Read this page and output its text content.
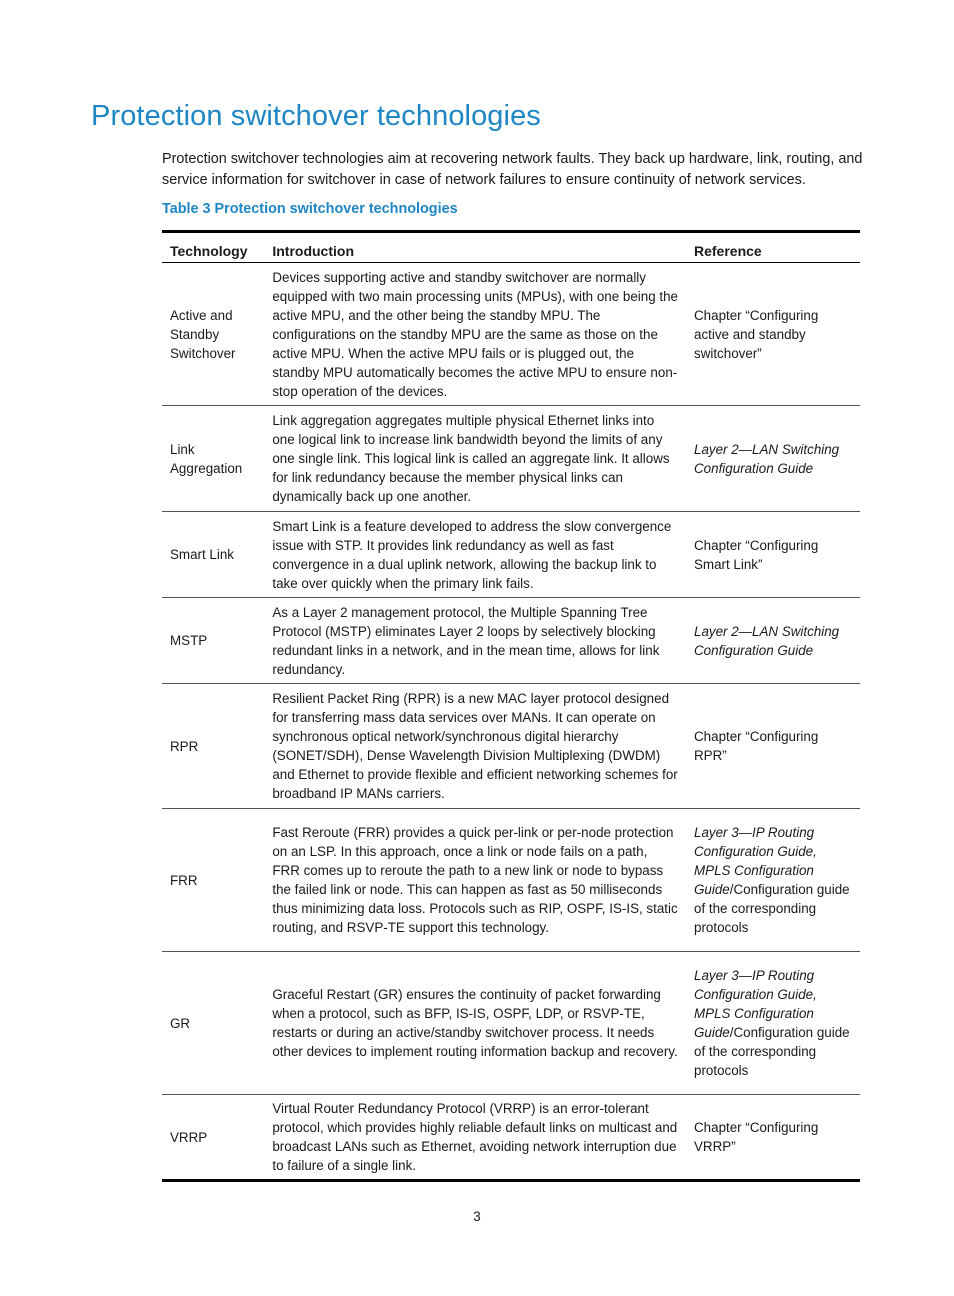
Protection switchover technologies

Protection switchover technologies aim at recovering network faults. They back up hardware, link, routing, and service information for switchover in case of network failures to ensure continuity of network services.

Table 3 Protection switchover technologies

Technology	Introduction	Reference
Active and Standby Switchover	Devices supporting active and standby switchover are normally equipped with two main processing units (MPUs), with one being the active MPU, and the other being the standby MPU. The configurations on the standby MPU are the same as those on the active MPU. When the active MPU fails or is plugged out, the standby MPU automatically becomes the active MPU to ensure non-stop operation of the devices.	Chapter “Configuring active and standby switchover”
Link Aggregation	Link aggregation aggregates multiple physical Ethernet links into one logical link to increase link bandwidth beyond the limits of any one single link. This logical link is called an aggregate link. It allows for link redundancy because the member physical links can dynamically back up one another.	Layer 2—LAN Switching Configuration Guide
Smart Link	Smart Link is a feature developed to address the slow convergence issue with STP. It provides link redundancy as well as fast convergence in a dual uplink network, allowing the backup link to take over quickly when the primary link fails.	Chapter “Configuring Smart Link”
MSTP	As a Layer 2 management protocol, the Multiple Spanning Tree Protocol (MSTP) eliminates Layer 2 loops by selectively blocking redundant links in a network, and in the mean time, allows for link redundancy.	Layer 2—LAN Switching Configuration Guide
RPR	Resilient Packet Ring (RPR) is a new MAC layer protocol designed for transferring mass data services over MANs. It can operate on synchronous optical network/synchronous digital hierarchy (SONET/SDH), Dense Wavelength Division Multiplexing (DWDM) and Ethernet to provide flexible and efficient networking schemes for broadband IP MANs carriers.	Chapter “Configuring RPR”
FRR	Fast Reroute (FRR) provides a quick per-link or per-node protection on an LSP. In this approach, once a link or node fails on a path, FRR comes up to reroute the path to a new link or node to bypass the failed link or node. This can happen as fast as 50 milliseconds thus minimizing data loss. Protocols such as RIP, OSPF, IS-IS, static routing, and RSVP-TE support this technology.	Layer 3—IP Routing Configuration Guide, MPLS Configuration Guide/Configuration guide of the corresponding protocols
GR	Graceful Restart (GR) ensures the continuity of packet forwarding when a protocol, such as BFP, IS-IS, OSPF, LDP, or RSVP-TE, restarts or during an active/standby switchover process. It needs other devices to implement routing information backup and recovery.	Layer 3—IP Routing Configuration Guide, MPLS Configuration Guide/Configuration guide of the corresponding protocols
VRRP	Virtual Router Redundancy Protocol (VRRP) is an error-tolerant protocol, which provides highly reliable default links on multicast and broadcast LANs such as Ethernet, avoiding network interruption due to failure of a single link.	Chapter “Configuring VRRP”
3
